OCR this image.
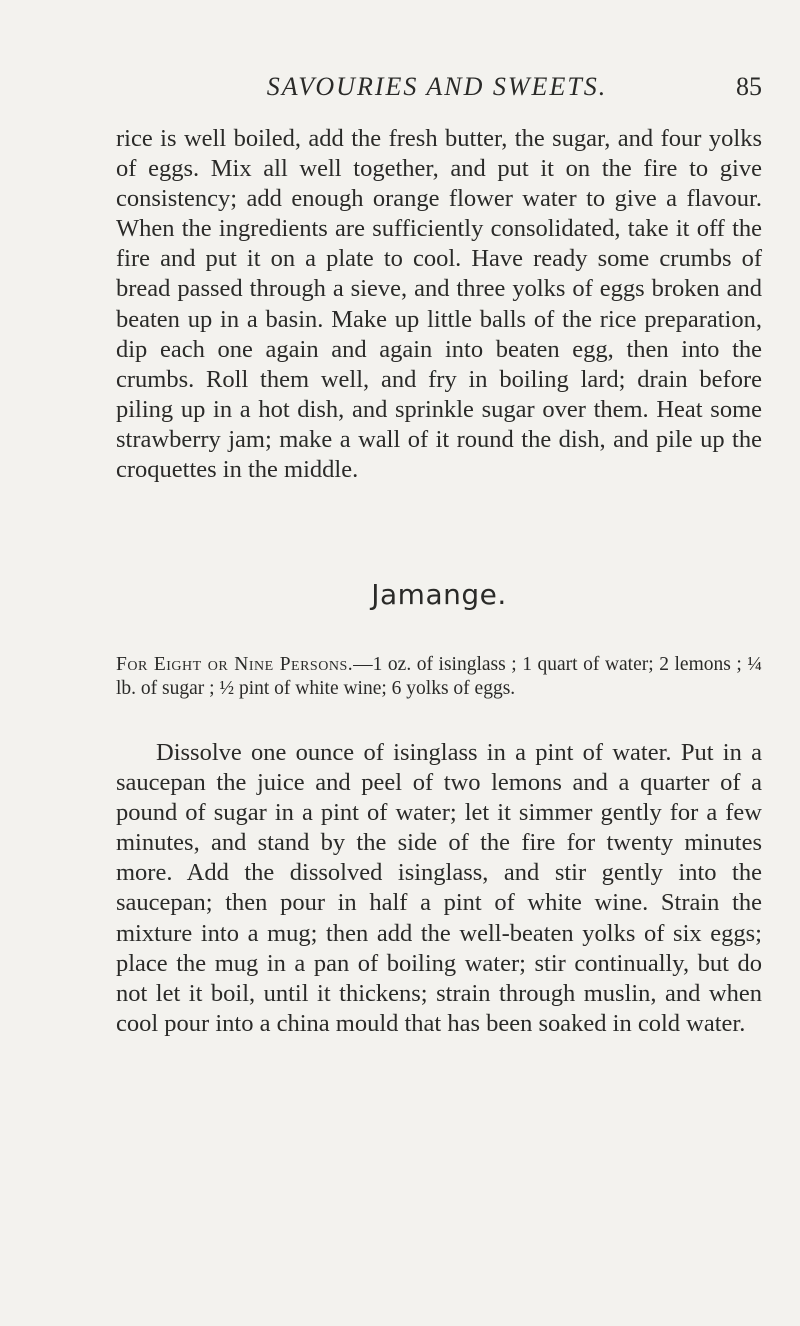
SAVOURIES AND SWEETS.	85

rice is well boiled, add the fresh butter, the sugar, and four yolks of eggs. Mix all well together, and put it on the fire to give consistency; add enough orange flower water to give a flavour. When the ingredients are sufficiently consolidated, take it off the fire and put it on a plate to cool. Have ready some crumbs of bread passed through a sieve, and three yolks of eggs broken and beaten up in a basin. Make up little balls of the rice preparation, dip each one again and again into beaten egg, then into the crumbs. Roll them well, and fry in boiling lard; drain before piling up in a hot dish, and sprinkle sugar over them. Heat some strawberry jam; make a wall of it round the dish, and pile up the croquettes in the middle.

Jamange.

For Eight or Nine Persons.—1 oz. of isinglass ; 1 quart of water; 2 lemons ; ¼ lb. of sugar ; ½ pint of white wine; 6 yolks of eggs.

Dissolve one ounce of isinglass in a pint of water. Put in a saucepan the juice and peel of two lemons and a quarter of a pound of sugar in a pint of water; let it simmer gently for a few minutes, and stand by the side of the fire for twenty minutes more. Add the dissolved isinglass, and stir gently into the saucepan; then pour in half a pint of white wine. Strain the mixture into a mug; then add the well-beaten yolks of six eggs; place the mug in a pan of boiling water; stir continually, but do not let it boil, until it thickens; strain through muslin, and when cool pour into a china mould that has been soaked in cold water.
